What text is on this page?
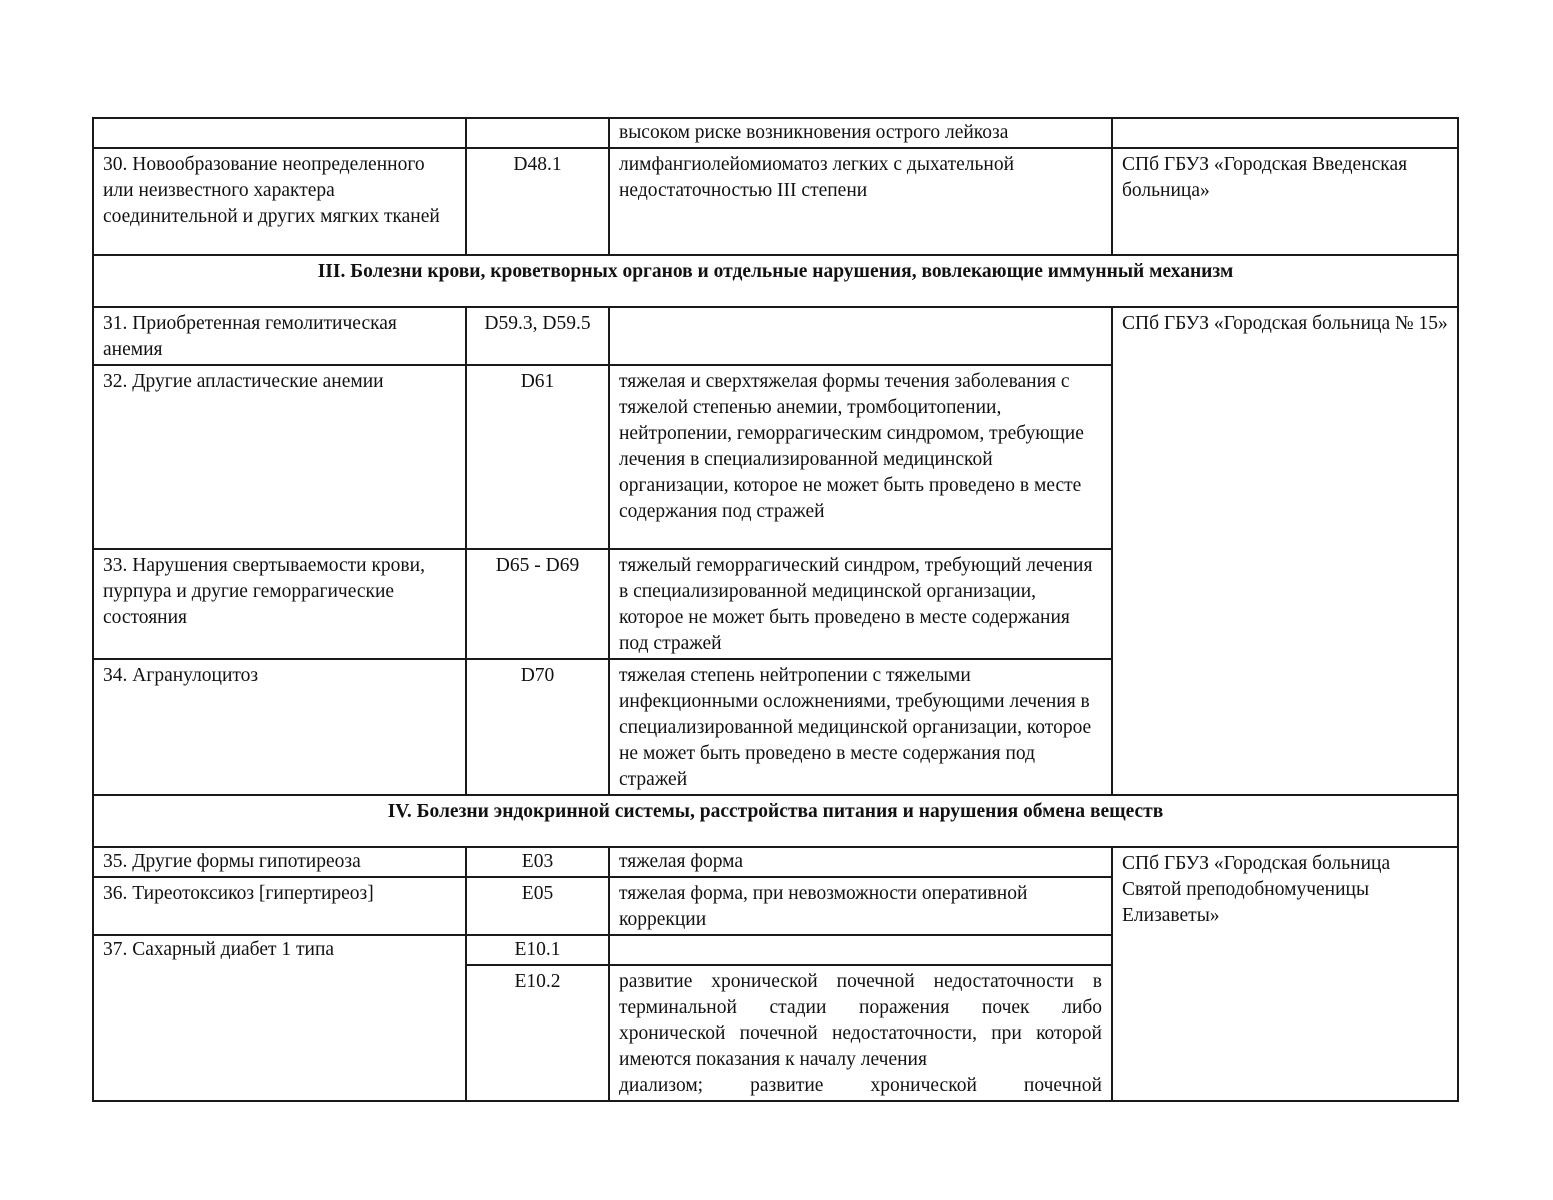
		высоком риске возникновения острого лейкоза	
30. Новообразование неопределенного или неизвестного характера соединительной и других мягких тканей	D48.1	лимфангиолейомиоматоз легких с дыхательной недостаточностью III степени	СПб ГБУЗ «Городская Введенская больница»
III. Болезни крови, кроветворных органов и отдельные нарушения, вовлекающие иммунный механизм			
31. Приобретенная гемолитическая анемия	D59.3, D59.5		СПб ГБУЗ «Городская больница № 15»
32. Другие апластические анемии	D61	тяжелая и сверхтяжелая формы течения заболевания с тяжелой степенью анемии, тромбоцитопении, нейтропении, геморрагическим синдромом, требующие лечения в специализированной медицинской организации, которое не может быть проведено в месте содержания под стражей	
33. Нарушения свертываемости крови, пурпура и другие геморрагические состояния	D65 - D69	тяжелый геморрагический синдром, требующий лечения в специализированной медицинской организации, которое не может быть проведено в месте содержания под стражей	
34. Агранулоцитоз	D70	тяжелая степень нейтропении с тяжелыми инфекционными осложнениями, требующими лечения в специализированной медицинской организации, которое не может быть проведено в месте содержания под стражей	
IV. Болезни эндокринной системы, расстройства питания и нарушения обмена веществ			
35. Другие формы гипотиреоза	E03	тяжелая форма	СПб ГБУЗ «Городская больница Святой преподобномученицы Елизаветы»
36. Тиреотоксикоз [гипертиреоз]	E05	тяжелая форма, при невозможности оперативной коррекции	
37. Сахарный диабет 1 типа	E10.1		
	E10.2	развитие хронической почечной недостаточности в терминальной стадии поражения почек либо хронической почечной недостаточности, при которой имеются показания к началу лечения
диализом; развитие хронической почечной	
